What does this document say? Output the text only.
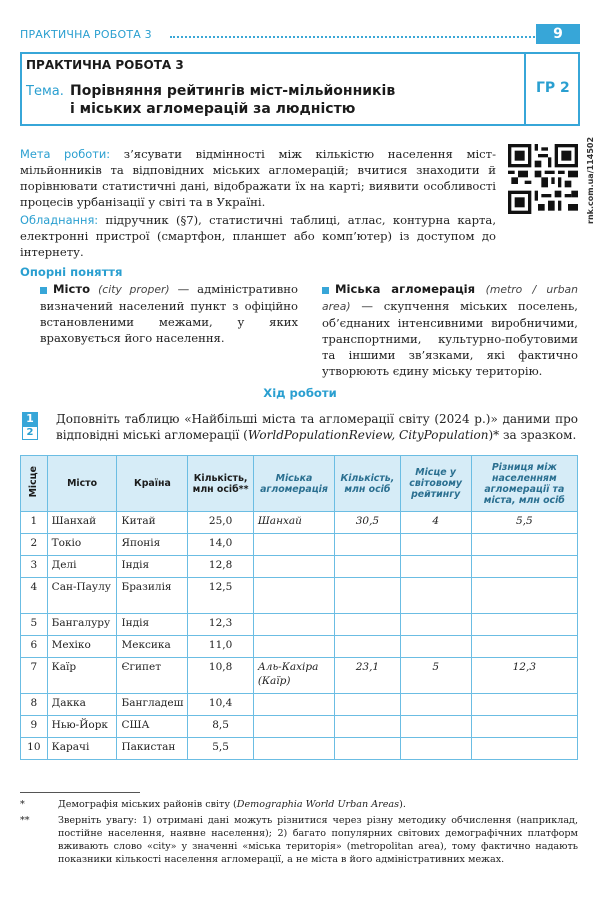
ПРАКТИЧНА РОБОТА 3	9
ПРАКТИЧНА РОБОТА 3
Тема. Порівняння рейтингів міст-мільйонників
і міських агломерацій за людністю
ГР 2
Мета роботи: з’ясувати відмінності між кількістю населення міст-мільйонників та відповідних міських агломерацій; вчитися знаходити й порівнювати статистичні дані, відображати їх на карті; виявити особливості процесів урбанізації у світі та в Україні.
Обладнання: підручник (§7), статистичні таблиці, атлас, контурна карта, електронні пристрої (смартфон, планшет або комп’ютер) із доступом до інтернету.
rnk.com.ua/114502
Опорні поняття
Місто (city proper) — адміністративно визначений населений пункт з офіційно встановленими межами, у яких враховується його населення.
Міська агломерація (metro / urban area) — скупчення міських поселень, об’єднаних інтенсивними виробничими, транспортними, культурно-побутовими та іншими зв’язками, які фактично утворюють єдину міську територію.
Хід роботи
1
2
Доповніть таблицю «Найбільші міста та агломерації світу (2024 р.)» даними про відповідні міські агломерації (WorldPopulationReview, CityPopulation)* за зразком.
Місце	Місто	Країна	Кількість, млн осіб**	Міська агломерація	Кількість, млн осіб	Місце у світовому рейтингу	Різниця між населенням агломерації та міста, млн осіб
1	Шанхай	Китай	25,0	Шанхай	30,5	4	5,5
2	Токіо	Японія	14,0				
3	Делі	Індія	12,8				
4	Сан-Паулу	Бразилія	12,5				
5	Бангалуру	Індія	12,3				
6	Мехіко	Мексика	11,0				
7	Каїр	Єгипет	10,8	Аль-Кахіра (Каїр)	23,1	5	12,3
8	Дакка	Бангладеш	10,4				
9	Нью-Йорк	США	8,5				
10	Карачі	Пакистан	5,5				
*	Демографія міських районів світу (Demographia World Urban Areas).
**	Зверніть увагу: 1) отримані дані можуть різнитися через різну методику обчислення (наприклад, постійне населення, наявне населення); 2) багато популярних світових демографічних платформ вживають слово «city» у значенні «міська територія» (metropolitan area), тому фактично надають показники кількості населення агломерації, а не міста в його адміністративних межах.
